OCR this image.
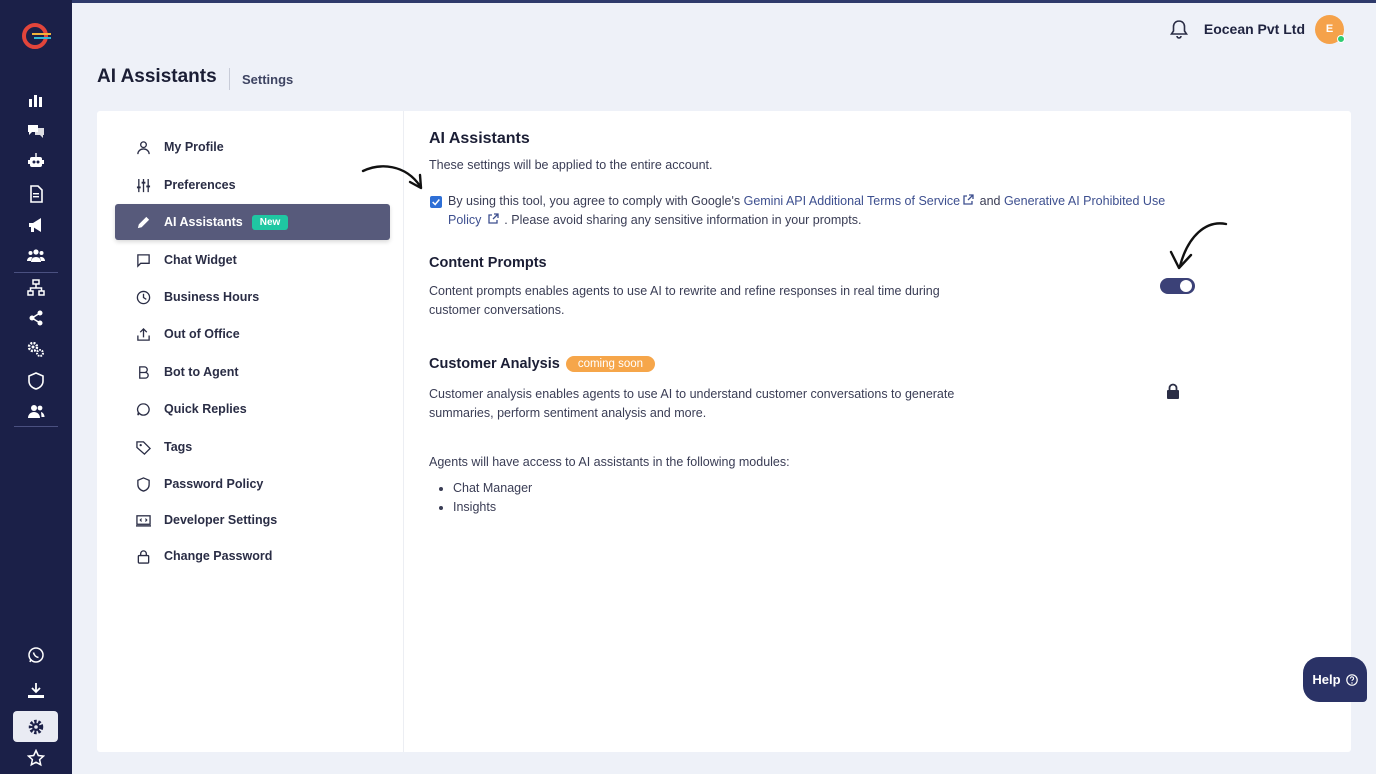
Eocean Pvt Ltd E
AI Assistants Settings
My Profile
Preferences
AI Assistants	New
Chat Widget
Business Hours
Out of Office
Bot to Agent
Quick Replies
Tags
Password Policy
Developer Settings
Change Password
AI Assistants

These settings will be applied to the entire account.

By using this tool, you agree to comply with Google's Gemini API Additional Terms of Service and Generative AI Prohibited Use Policy  . Please avoid sharing any sensitive information in your prompts.

Content Prompts

Content prompts enables agents to use AI to rewrite and refine responses in real time during customer conversations.

Customer Analysis coming soon

Customer analysis enables agents to use AI to understand customer conversations to generate summaries, perform sentiment analysis and more.

Agents will have access to AI assistants in the following modules:

• Chat Manager
• Insights
Help
